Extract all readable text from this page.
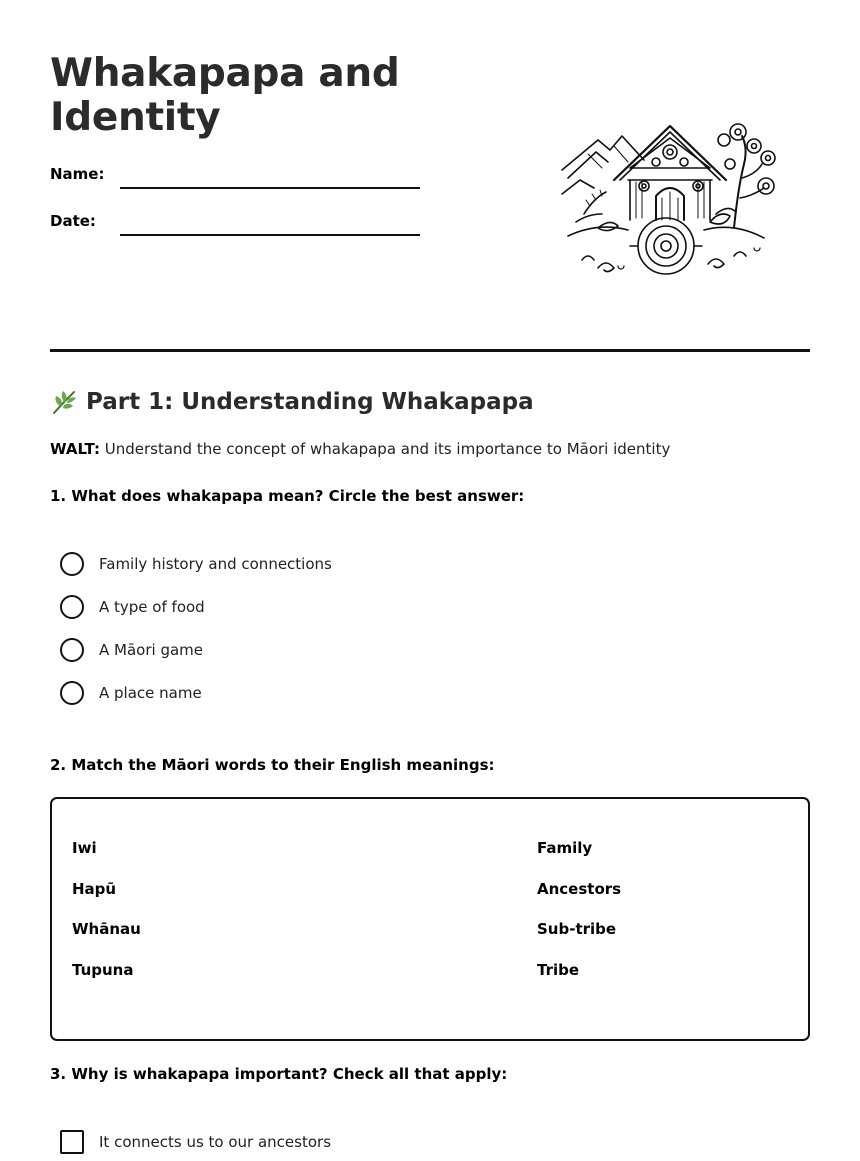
Whakapapa and Identity
Name:
Date:
Part 1: Understanding Whakapapa
WALT: Understand the concept of whakapapa and its importance to Māori identity
1. What does whakapapa mean? Circle the best answer:
Family history and connections
A type of food
A Māori game
A place name
2. Match the Māori words to their English meanings:
Iwi
Hapū
Whānau
Tupuna
Family
Ancestors
Sub-tribe
Tribe
3. Why is whakapapa important? Check all that apply:
It connects us to our ancestors
